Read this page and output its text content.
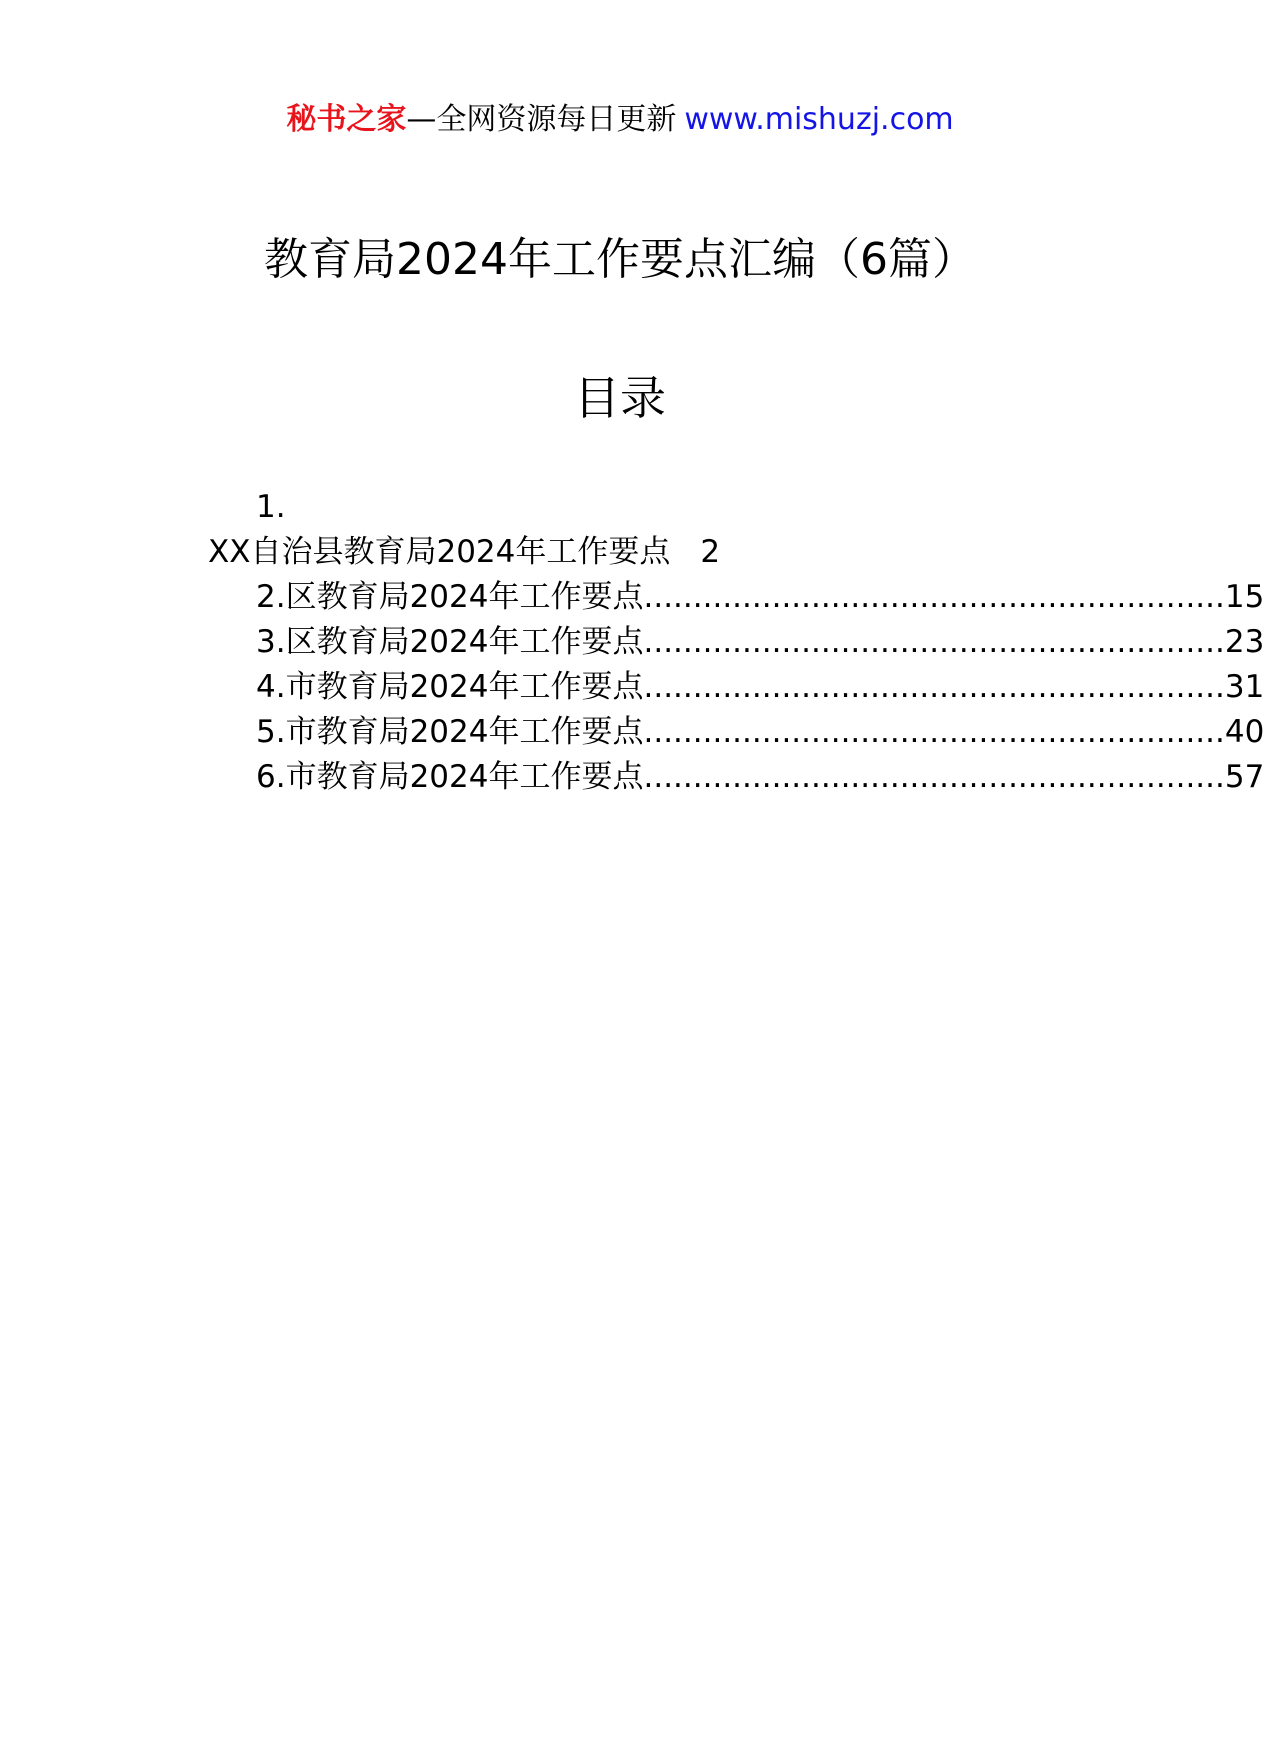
秘书之家—全网资源每日更新 www.mishuzj.com
教育局2024年工作要点汇编（6篇）
目录
1.
XX自治县教育局2024年工作要点 2
2. 区教育局2024年工作要点 ........................................................... 15
3. 区教育局2024年工作要点 ........................................................... 23
4. 市教育局2024年工作要点 ........................................................... 31
5. 市教育局2024年工作要点 ........................................................... 40
6. 市教育局2024年工作要点 ........................................................... 57
